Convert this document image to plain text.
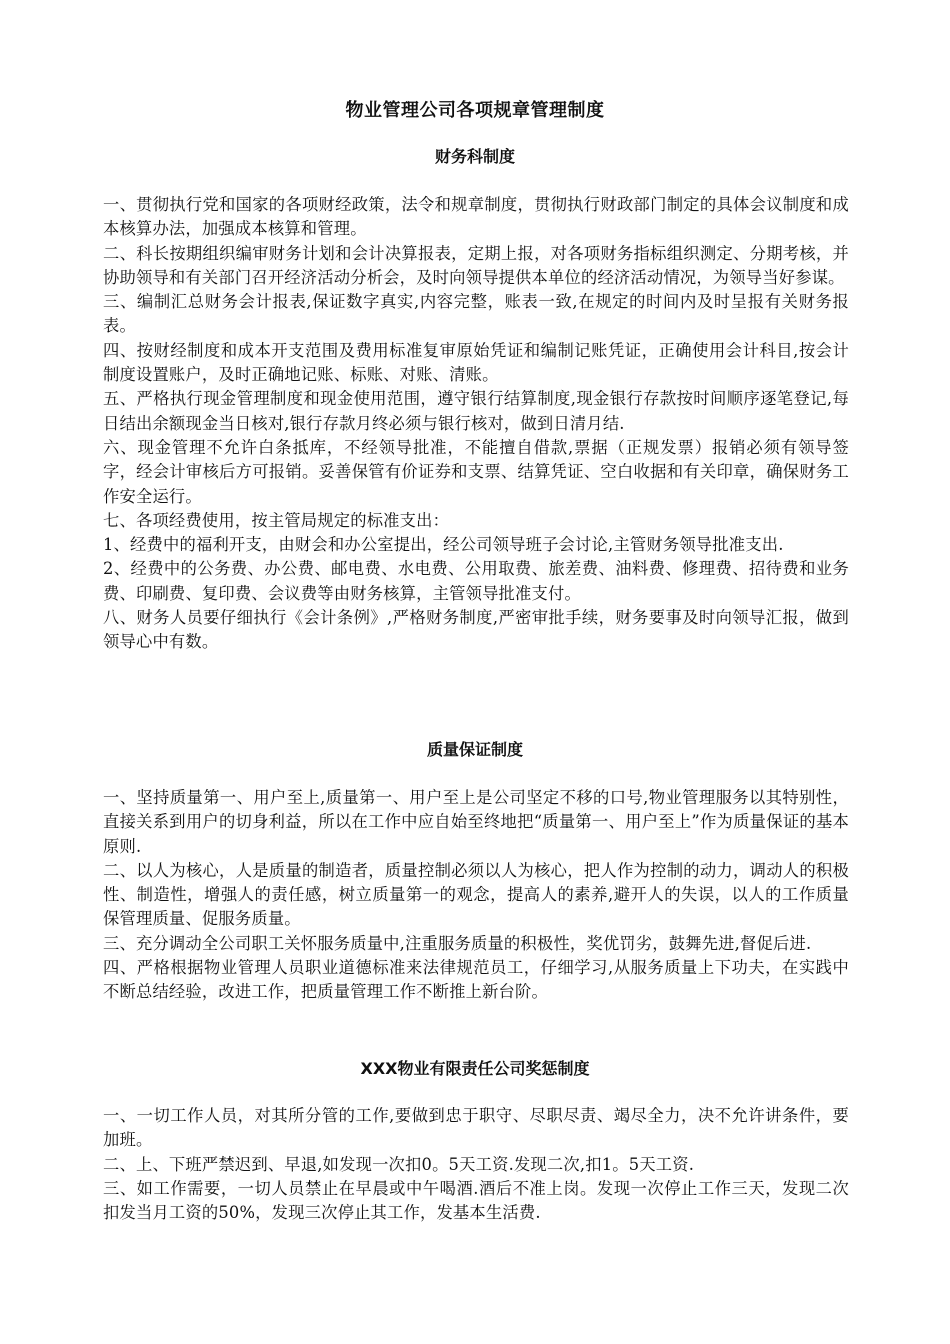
物业管理公司各项规章管理制度
财务科制度

一、贯彻执行党和国家的各项财经政策，法令和规章制度，贯彻执行财政部门制定的具体会议制度和成本核算办法，加强成本核算和管理。

二、科长按期组织编审财务计划和会计决算报表，定期上报，对各项财务指标组织测定、分期考核，并协助领导和有关部门召开经济活动分析会，及时向领导提供本单位的经济活动情况，为领导当好参谋。

三、编制汇总财务会计报表,保证数字真实,内容完整，账表一致,在规定的时间内及时呈报有关财务报表。

四、按财经制度和成本开支范围及费用标准复审原始凭证和编制记账凭证，正确使用会计科目,按会计制度设置账户，及时正确地记账、标账、对账、清账。

五、严格执行现金管理制度和现金使用范围，遵守银行结算制度,现金银行存款按时间顺序逐笔登记,每日结出余额现金当日核对,银行存款月终必须与银行核对，做到日清月结.

六、现金管理不允许白条抵库，不经领导批准，不能擅自借款,票据（正规发票）报销必须有领导签字，经会计审核后方可报销。妥善保管有价证券和支票、结算凭证、空白收据和有关印章，确保财务工作安全运行。

七、各项经费使用，按主管局规定的标准支出：

1、经费中的福利开支，由财会和办公室提出，经公司领导班子会讨论,主管财务领导批准支出.

2、经费中的公务费、办公费、邮电费、水电费、公用取费、旅差费、油料费、修理费、招待费和业务费、印刷费、复印费、会议费等由财务核算，主管领导批准支付。

八、财务人员要仔细执行《会计条例》,严格财务制度,严密审批手续，财务要事及时向领导汇报，做到领导心中有数。

质量保证制度

一、坚持质量第一、用户至上,质量第一、用户至上是公司坚定不移的口号,物业管理服务以其特别性，直接关系到用户的切身利益，所以在工作中应自始至终地把“质量第一、用户至上”作为质量保证的基本原则.

二、以人为核心，人是质量的制造者，质量控制必须以人为核心，把人作为控制的动力，调动人的积极性、制造性，增强人的责任感，树立质量第一的观念，提高人的素养,避开人的失误，以人的工作质量保管理质量、促服务质量。

三、充分调动全公司职工关怀服务质量中,注重服务质量的积极性，奖优罚劣，鼓舞先进,督促后进.

四、严格根据物业管理人员职业道德标准来法律规范员工，仔细学习,从服务质量上下功夫，在实践中不断总结经验，改进工作，把质量管理工作不断推上新台阶。

XXX物业有限责任公司奖惩制度

一、一切工作人员，对其所分管的工作,要做到忠于职守、尽职尽责、竭尽全力，决不允许讲条件，要加班。

二、上、下班严禁迟到、早退,如发现一次扣0。5天工资.发现二次,扣1。5天工资.

三、如工作需要，一切人员禁止在早晨或中午喝酒.酒后不准上岗。发现一次停止工作三天，发现二次扣发当月工资的50%，发现三次停止其工作，发基本生活费.
